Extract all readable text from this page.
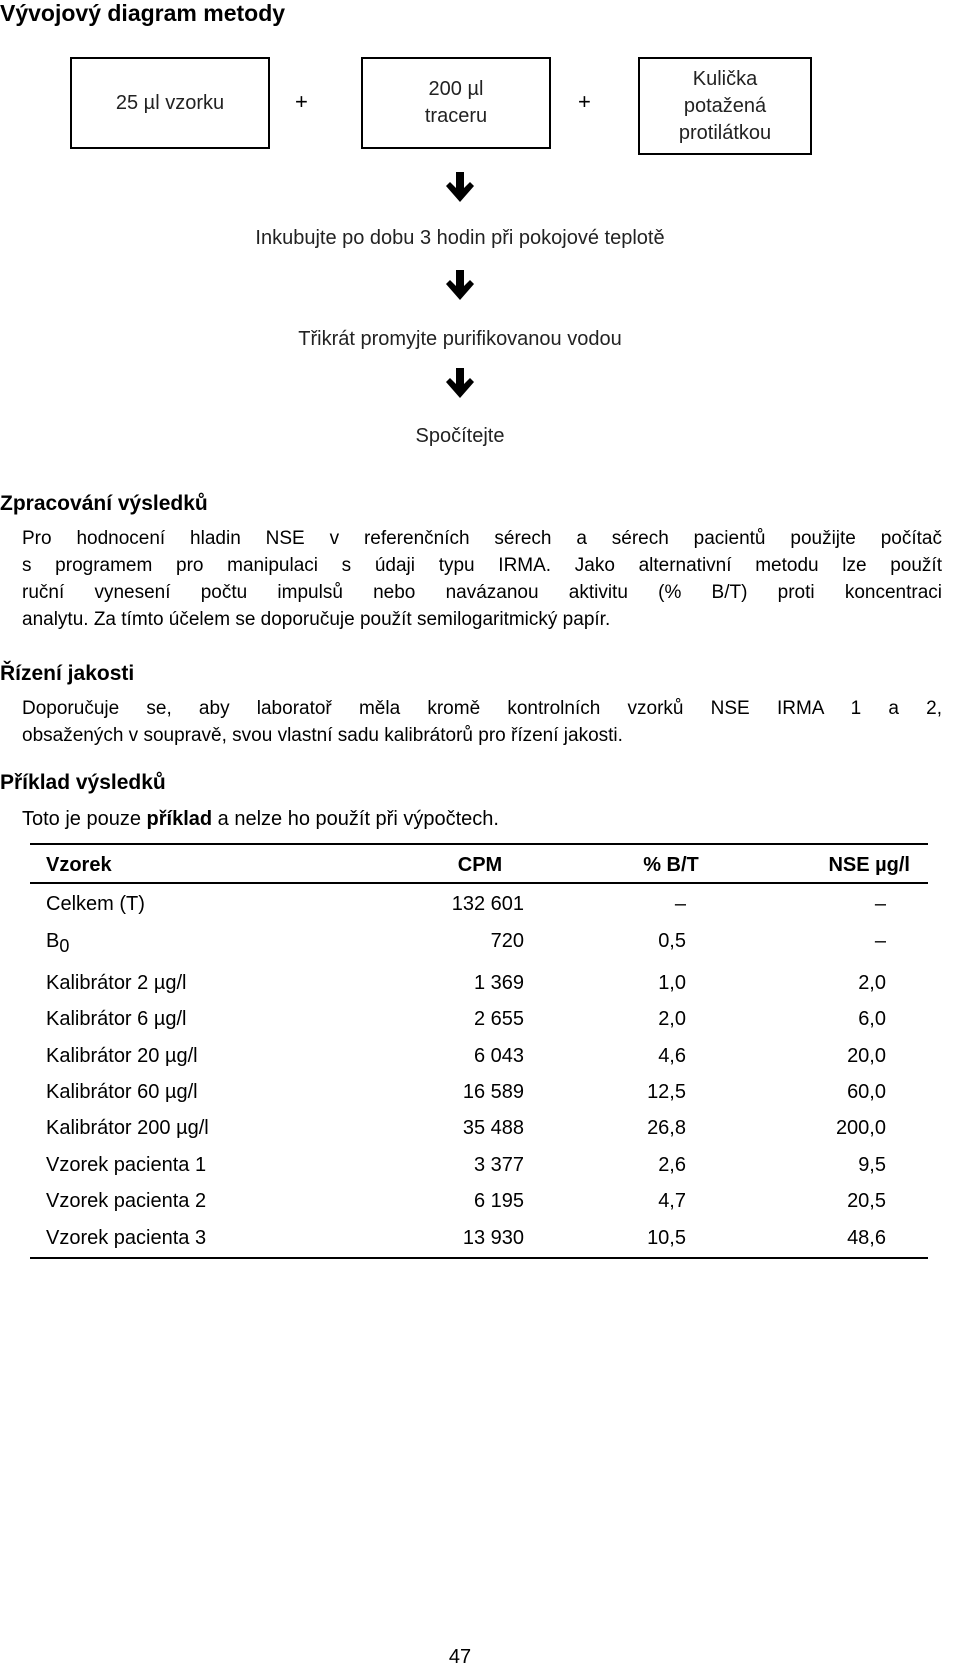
Vývojový diagram metody
25 µl vzorku	+	200 µl
traceru
+
Kulička
potažená
protilátkou
Inkubujte po dobu 3 hodin při pokojové teplotě
Třikrát promyjte purifikovanou vodou
Spočítejte
Zpracování výsledků
Pro hodnocení hladin NSE v referenčních sérech a sérech pacientů použijte počítač
s programem pro manipulaci s údaji typu IRMA. Jako alternativní metodu lze použít
ruční vynesení počtu impulsů nebo navázanou aktivitu (% B/T) proti koncentraci
analytu. Za tímto účelem se doporučuje použít semilogaritmický papír.
Řízení jakosti
Doporučuje se, aby laboratoř měla kromě kontrolních vzorků NSE IRMA 1 a 2,
obsažených v soupravě, svou vlastní sadu kalibrátorů pro řízení jakosti.
Příklad výsledků
Toto je pouze příklad a nelze ho použít při výpočtech.
Vzorek	CPM	% B/T	NSE µg/l
Celkem (T)	132 601	–	–
B0	720	0,5	–
Kalibrátor 2 µg/l	1 369	1,0	2,0
Kalibrátor 6 µg/l	2 655	2,0	6,0
Kalibrátor 20 µg/l	6 043	4,6	20,0
Kalibrátor 60 µg/l	16 589	12,5	60,0
Kalibrátor 200 µg/l	35 488	26,8	200,0
Vzorek pacienta 1	3 377	2,6	9,5
Vzorek pacienta 2	6 195	4,7	20,5
Vzorek pacienta 3	13 930	10,5	48,6
47
